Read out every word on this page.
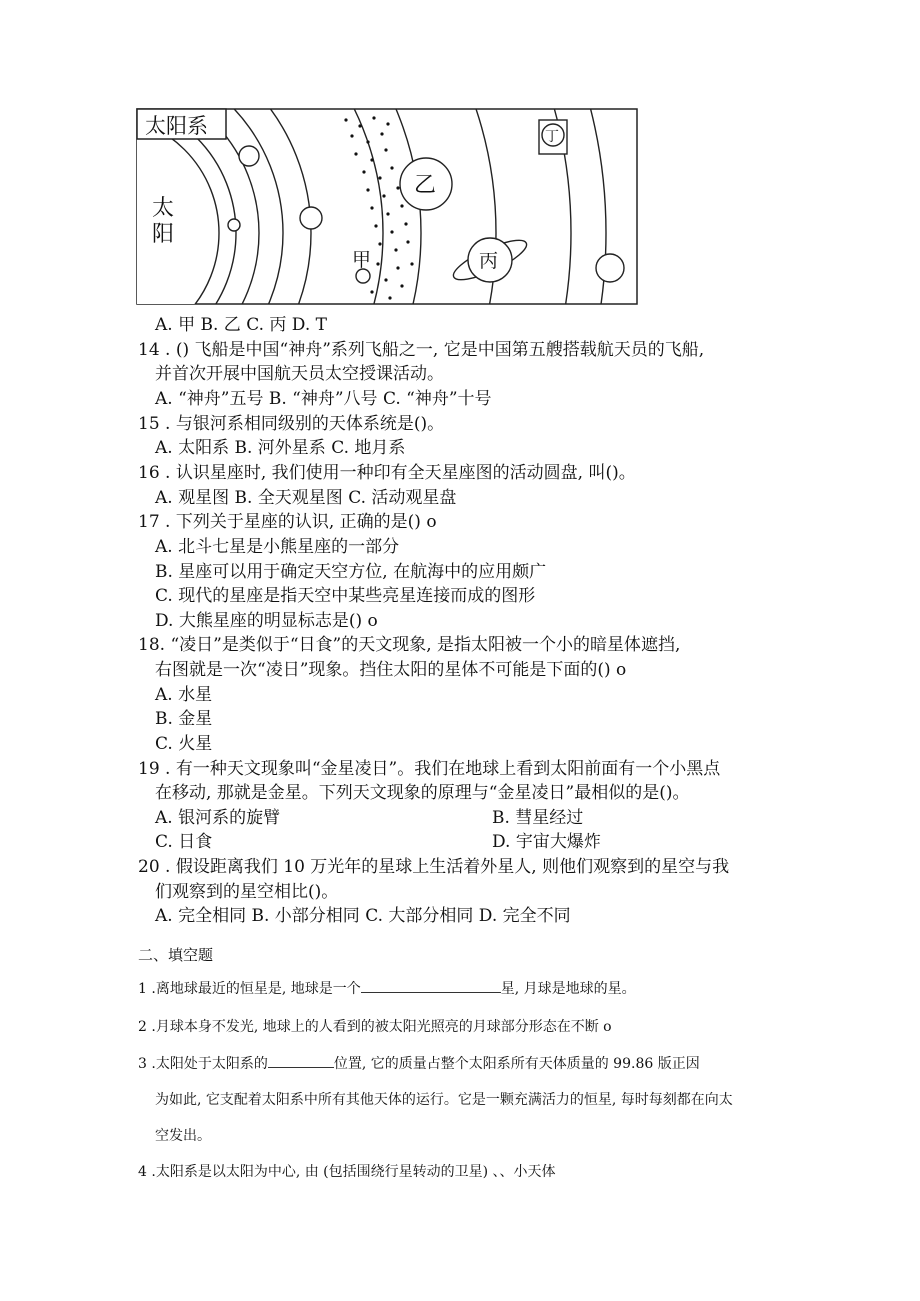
太阳系
太
阳
甲
乙
丙
丁
A. 甲 B. 乙 C. 丙 D. T
14 . () 飞船是中国“神舟”系列飞船之一, 它是中国第五艘搭载航天员的飞船,
并首次开展中国航天员太空授课活动。
A. “神舟”五号 B. “神舟”八号 C. “神舟”十号
15 . 与银河系相同级别的天体系统是()。
A. 太阳系 B. 河外星系 C. 地月系
16 . 认识星座时, 我们使用一种印有全天星座图的活动圆盘, 叫()。
A. 观星图 B. 全天观星图 C. 活动观星盘
17 . 下列关于星座的认识, 正确的是() o
A. 北斗七星是小熊星座的一部分
B. 星座可以用于确定天空方位, 在航海中的应用颇广
C. 现代的星座是指天空中某些亮星连接而成的图形
D. 大熊星座的明显标志是() o
18. “凌日”是类似于“日食”的天文现象, 是指太阳被一个小的暗星体遮挡,
右图就是一次“凌日”现象。挡住太阳的星体不可能是下面的() o
A. 水星
B. 金星
C. 火星
19 . 有一种天文现象叫“金星凌日”。我们在地球上看到太阳前面有一个小黑点
在移动, 那就是金星。下列天文现象的原理与“金星凌日”最相似的是()。
A. 银河系的旋臂	B. 彗星经过
C. 日食	D. 宇宙大爆炸
20 . 假设距离我们 10 万光年的星球上生活着外星人, 则他们观察到的星空与我
们观察到的星空相比()。
A. 完全相同 B. 小部分相同 C. 大部分相同 D. 完全不同
二、填空题
1 .离地球最近的恒星是, 地球是一个	星, 月球是地球的星。
2 .月球本身不发光, 地球上的人看到的被太阳光照亮的月球部分形态在不断 o
3 .太阳处于太阳系的	位置, 它的质量占整个太阳系所有天体质量的 99.86 版正因
为如此, 它支配着太阳系中所有其他天体的运行。它是一颗充满活力的恒星, 每时每刻都在向太
空发出。
4 .太阳系是以太阳为中心, 由 (包括围绕行星转动的卫星) 、、小天体
